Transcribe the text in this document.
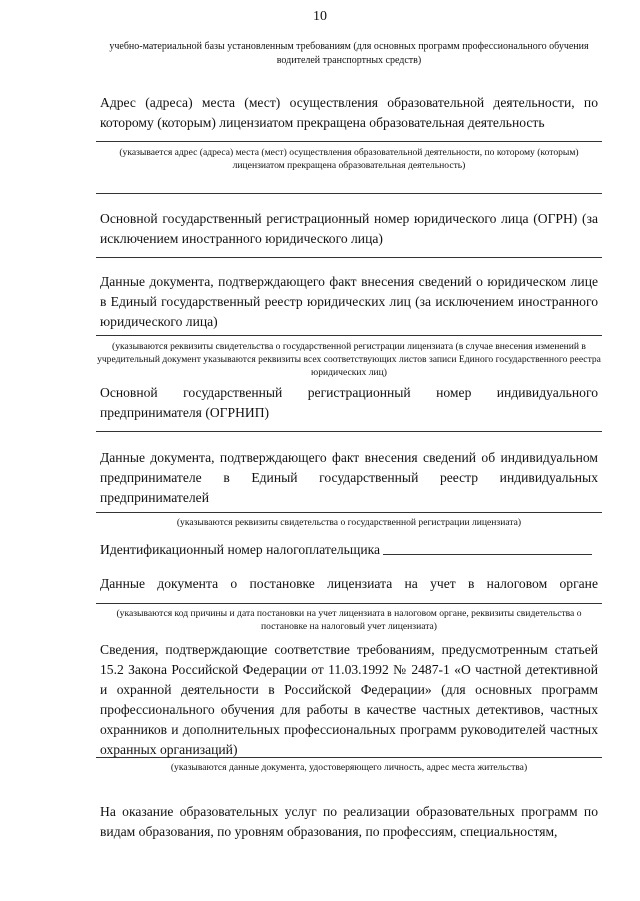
10
учебно-материальной базы установленным требованиям (для основных программ профессионального обучения водителей транспортных средств)
Адрес (адреса) места (мест) осуществления образовательной деятельности, по которому (которым) лицензиатом прекращена образовательная деятельность
(указывается адрес (адреса) места (мест) осуществления образовательной деятельности, по которому (которым) лицензиатом прекращена образовательная деятельность)
Основной государственный регистрационный номер юридического лица (ОГРН) (за исключением иностранного юридического лица)
Данные документа, подтверждающего факт внесения сведений о юридическом лице в Единый государственный реестр юридических лиц (за исключением иностранного юридического лица)
(указываются реквизиты свидетельства о государственной регистрации лицензиата (в случае внесения изменений в учредительный документ указываются реквизиты всех соответствующих листов записи Единого государственного реестра юридических лиц)
Основной государственный регистрационный номер индивидуального предпринимателя (ОГРНИП)
Данные документа, подтверждающего факт внесения сведений об индивидуальном предпринимателе в Единый государственный реестр индивидуальных предпринимателей
(указываются реквизиты свидетельства о государственной регистрации лицензиата)
Идентификационный номер налогоплательщика
Данные документа о постановке лицензиата на учет в налоговом органе
(указываются код причины и дата постановки на учет лицензиата в налоговом органе, реквизиты свидетельства о постановке на налоговый учет лицензиата)
Сведения, подтверждающие соответствие требованиям, предусмотренным статьей 15.2 Закона Российской Федерации от 11.03.1992 № 2487-1 «О частной детективной и охранной деятельности в Российской Федерации» (для основных программ профессионального обучения для работы в качестве частных детективов, частных охранников и дополнительных профессиональных программ руководителей частных охранных организаций)
(указываются данные документа, удостоверяющего личность, адрес места жительства)
На оказание образовательных услуг по реализации образовательных программ по видам образования, по уровням образования, по профессиям, специальностям,
